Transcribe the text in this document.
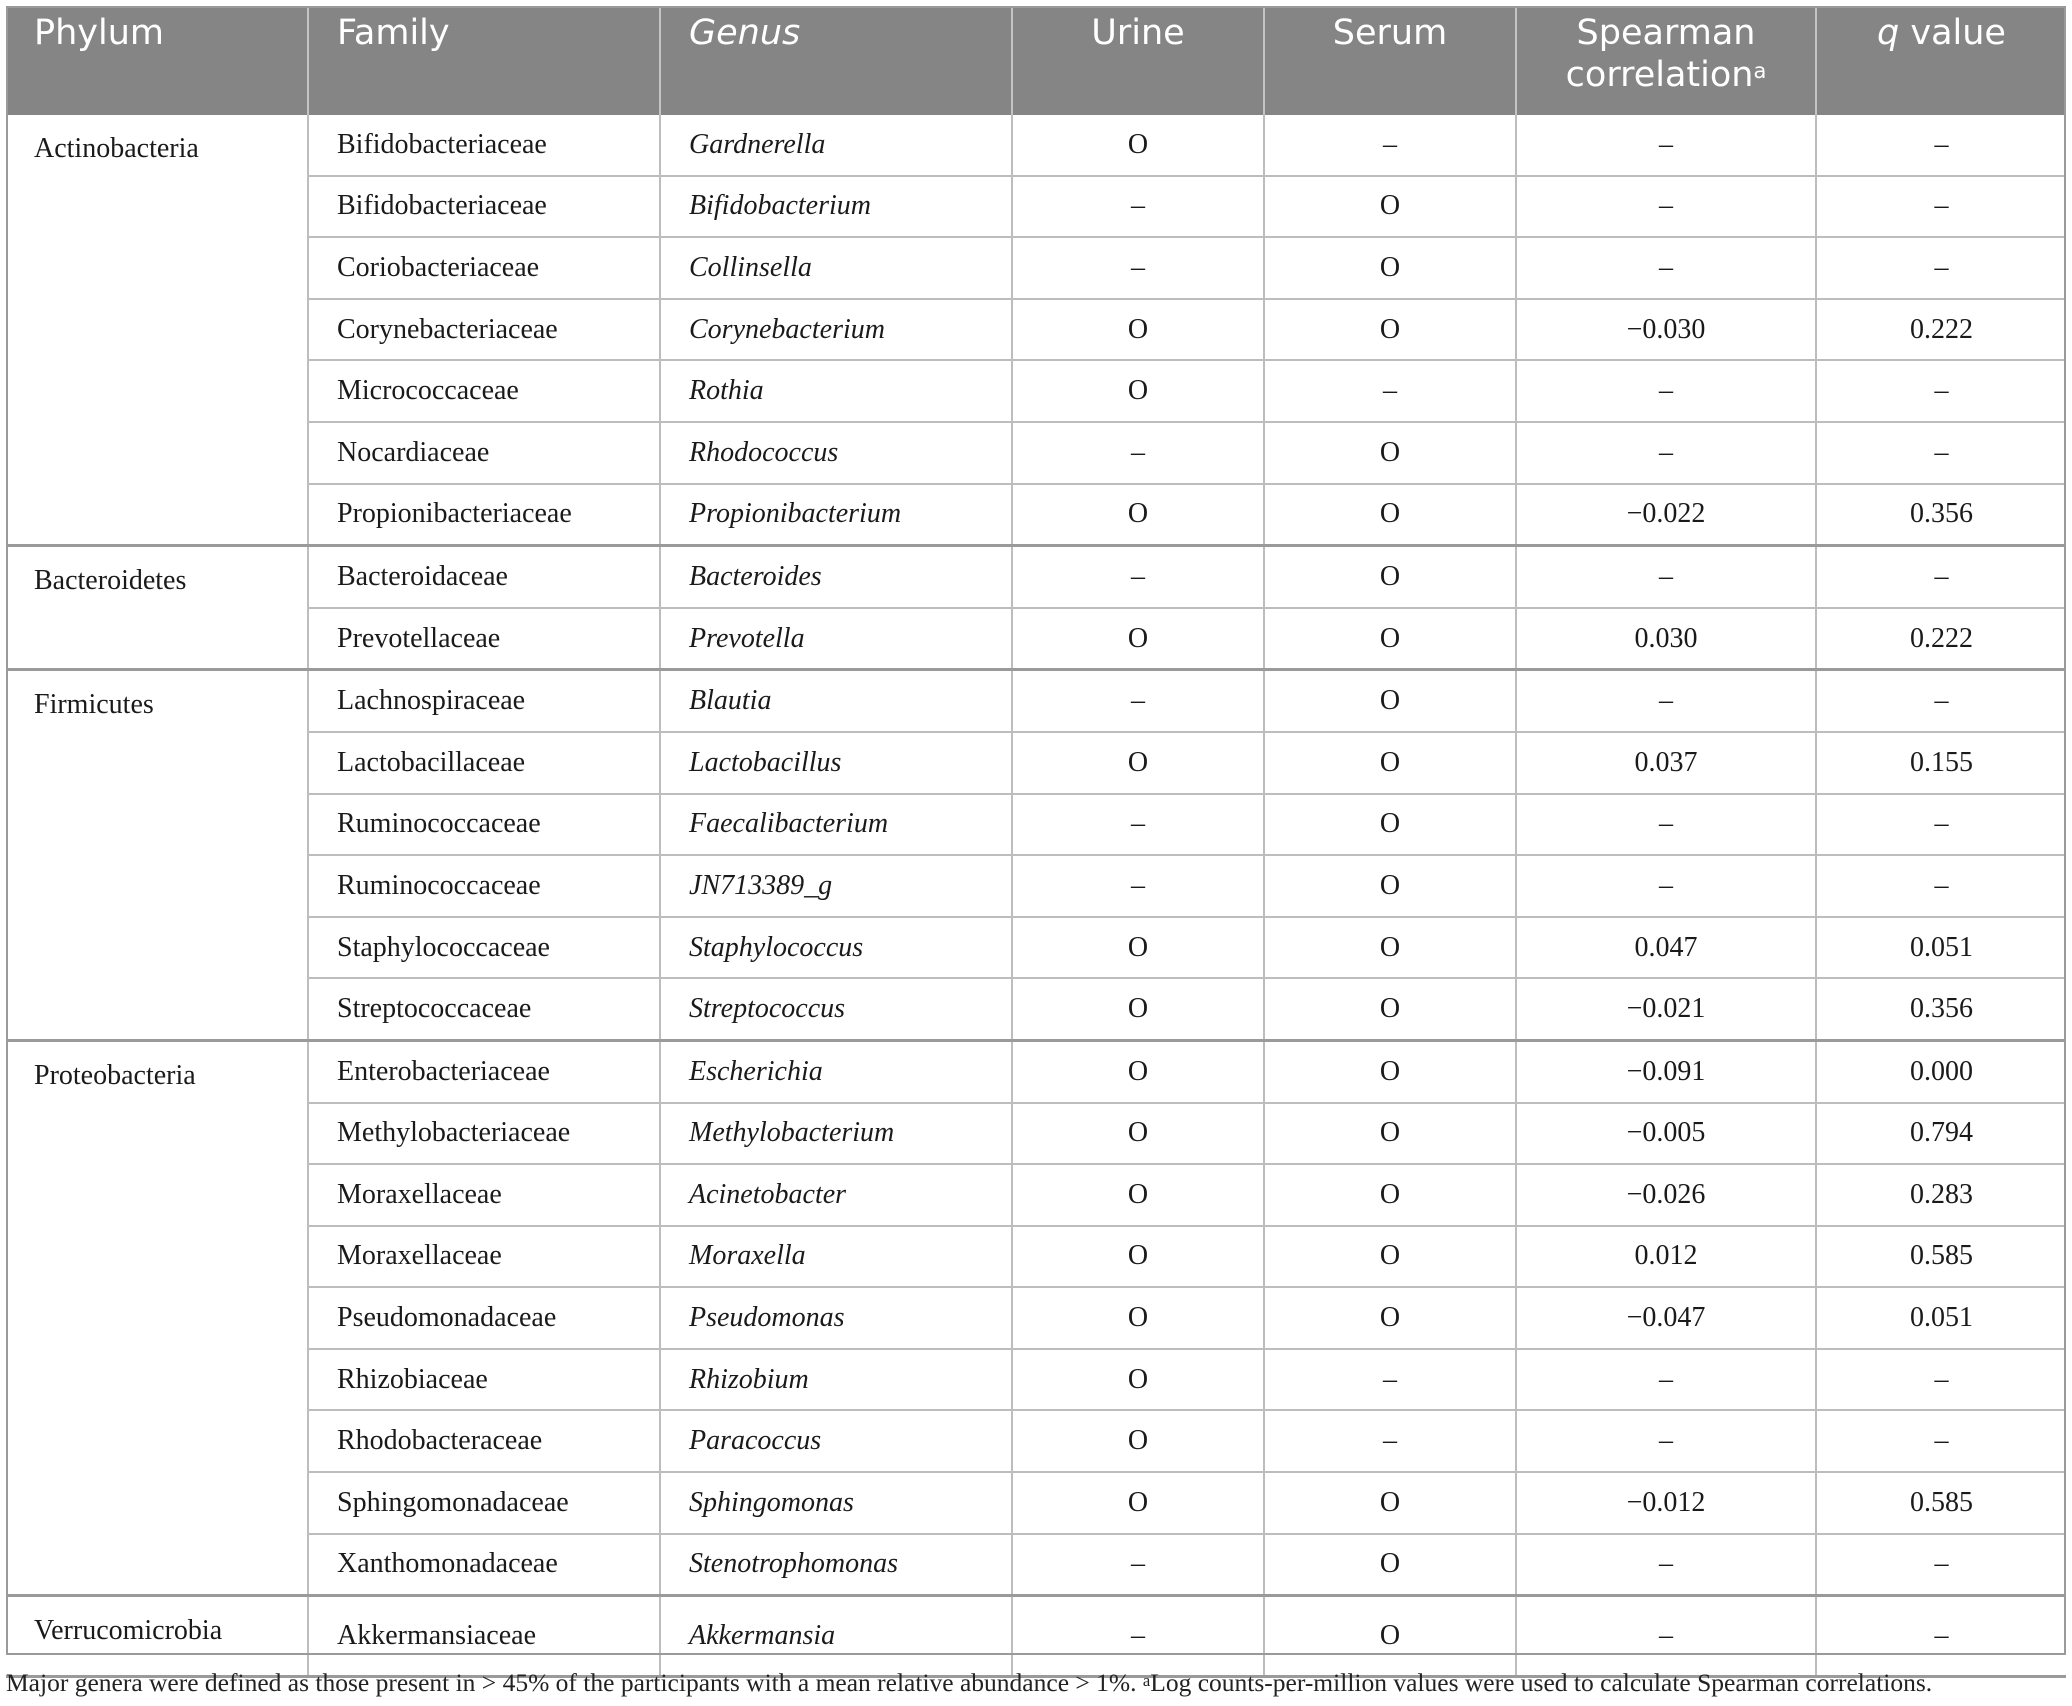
Phylum	Family	Genus	Urine	Serum	Spearman correlation$^a$	q value
Actinobacteria	Bifidobacteriaceae	Gardnerella	O	–	–	–
	Bifidobacteriaceae	Bifidobacterium	–	O	–	–
	Coriobacteriaceae	Collinsella	–	O	–	–
	Corynebacteriaceae	Corynebacterium	O	O	−0.030	0.222
	Micrococcaceae	Rothia	O	–	–	–
	Nocardiaceae	Rhodococcus	–	O	–	–
	Propionibacteriaceae	Propionibacterium	O	O	−0.022	0.356
Bacteroidetes	Bacteroidaceae	Bacteroides	–	O	–	–
	Prevotellaceae	Prevotella	O	O	0.030	0.222
Firmicutes	Lachnospiraceae	Blautia	–	O	–	–
	Lactobacillaceae	Lactobacillus	O	O	0.037	0.155
	Ruminococcaceae	Faecalibacterium	–	O	–	–
	Ruminococcaceae	JN713389_g	–	O	–	–
	Staphylococcaceae	Staphylococcus	O	O	0.047	0.051
	Streptococcaceae	Streptococcus	O	O	−0.021	0.356
Proteobacteria	Enterobacteriaceae	Escherichia	O	O	−0.091	0.000
	Methylobacteriaceae	Methylobacterium	O	O	−0.005	0.794
	Moraxellaceae	Acinetobacter	O	O	−0.026	0.283
	Moraxellaceae	Moraxella	O	O	0.012	0.585
	Pseudomonadaceae	Pseudomonas	O	O	−0.047	0.051
	Rhizobiaceae	Rhizobium	O	–	–	–
	Rhodobacteraceae	Paracoccus	O	–	–	–
	Sphingomonadaceae	Sphingomonas	O	O	−0.012	0.585
	Xanthomonadaceae	Stenotrophomonas	–	O	–	–
Verrucomicrobia	Akkermansiaceae	Akkermansia	–	O	–	–
Major genera were defined as those present in > 45% of the participants with a mean relative abundance > 1%. $^a$Log counts-per-million values were used to calculate Spearman correlations.
